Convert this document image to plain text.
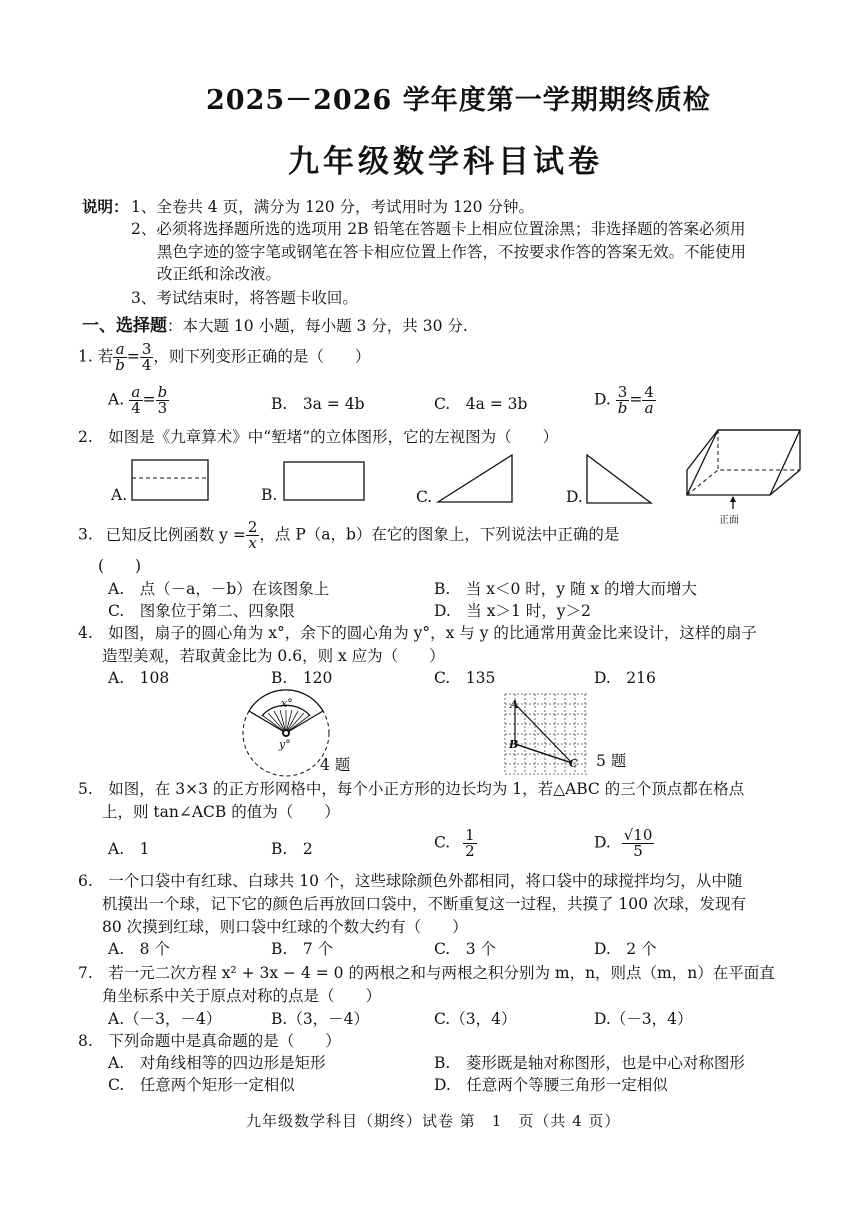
2025－2026 学年度第一学期期终质检
九年级数学科目试卷
说明： 1、全卷共 4 页，满分为 120 分，考试用时为 120 分钟。
2、必须将选择题所选的选项用 2B 铅笔在答题卡上相应位置涂黑；非选择题的答案必须用
黑色字迹的签字笔或钢笔在答卡相应位置上作答，不按要求作答的答案无效。不能使用
改正纸和涂改液。
3、考试结束时，将答题卡收回。
一、选择题：本大题 10 小题，每小题 3 分，共 30 分.
1. 若 $\frac{a}{b} = \frac{3}{4}$ ，则下列变形正确的是（　　）
A. $\frac{a}{4} = \frac{b}{3}$	B.　3a = 4b	C.　4a = 3b	D. $\frac{3}{b} = \frac{4}{a}$
2.　如图是《九章算术》中“堑堵”的立体图形，它的左视图为（　　）
A.	B.	C.	D.
正面
3. 已知反比例函数 $y = \frac{2}{x}$ ，点 P（a，b）在它的图象上，下列说法中正确的是
(　　)
A.　点（－a，－b）在该图象上	B.　当 x＜0 时，y 随 x 的增大而增大
C.　图象位于第二、四象限	D.　当 x＞1 时，y＞2
4.　如图，扇子的圆心角为 x°，余下的圆心角为 y°，x 与 y 的比通常用黄金比来设计，这样的扇子
造型美观，若取黄金比为 0.6，则 x 应为（　　）
A.　108	B.　120	C.　135	D.　216
x°
y°
4 题
A
B
C 5 题
5.　如图，在 3×3 的正方形网格中，每个小正方形的边长均为 1，若△ABC 的三个顶点都在格点
上，则 tan∠ACB 的值为（　　）
A.　1	B.　2	C. $\frac{1}{2}$	D. $\frac{√10}{5}$
6.　一个口袋中有红球、白球共 10 个，这些球除颜色外都相同，将口袋中的球搅拌均匀，从中随
机摸出一个球，记下它的颜色后再放回口袋中，不断重复这一过程，共摸了 100 次球，发现有
80 次摸到红球，则口袋中红球的个数大约有（　　）
A.　8 个	B.　7 个	C.　3 个	D.　2 个
7.　若一元二次方程 x² + 3x − 4 = 0 的两根之和与两根之积分别为 m，n，则点（m，n）在平面直
角坐标系中关于原点对称的点是（　　）
A.（－3，－4）	B.（3，－4）	C.（3，4）	D.（－3，4）
8.　下列命题中是真命题的是（　　）
A.　对角线相等的四边形是矩形	B.　菱形既是轴对称图形，也是中心对称图形
C.　任意两个矩形一定相似	D.　任意两个等腰三角形一定相似
九年级数学科目（期终）试卷 第　1　页（共 4 页）
